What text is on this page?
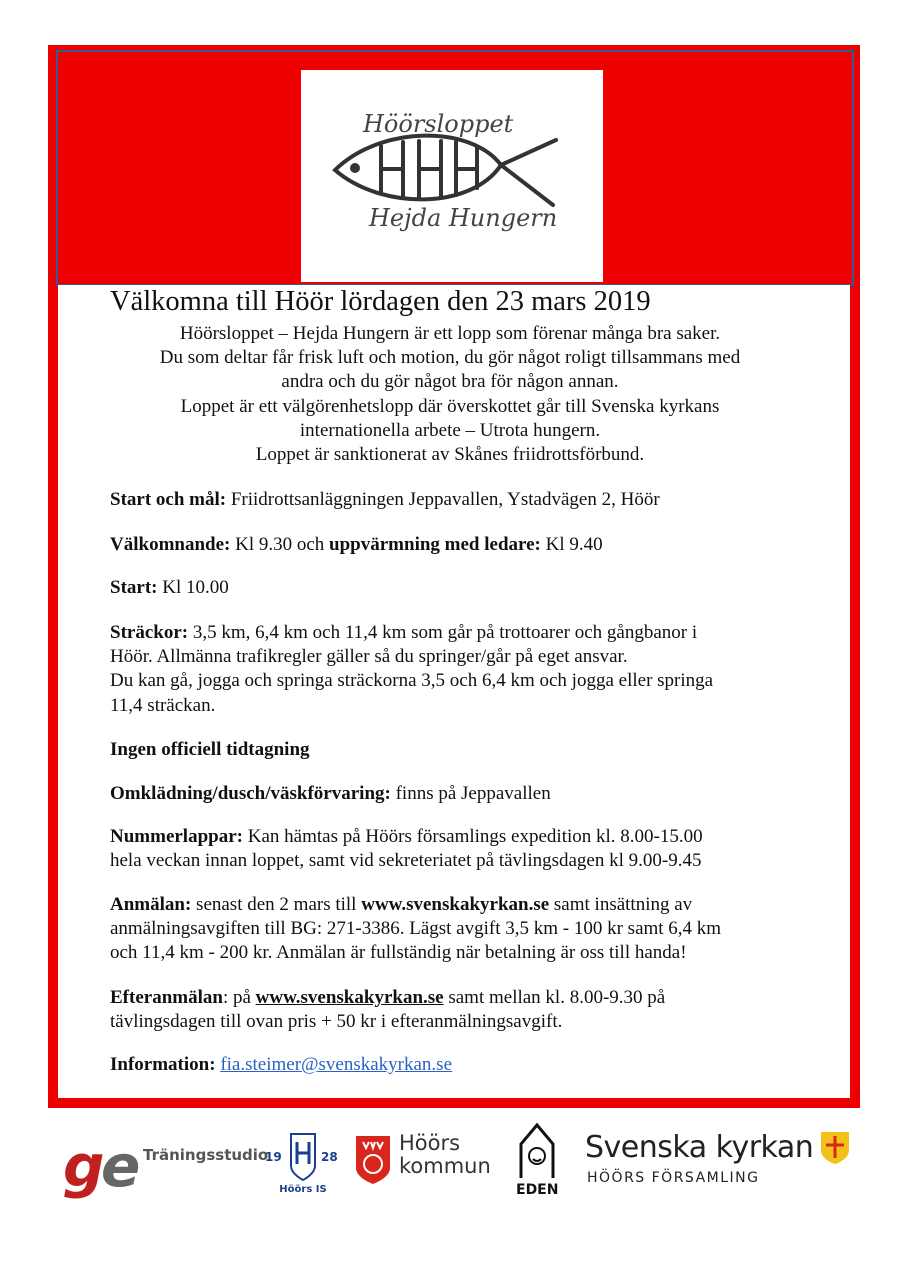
Höörsloppet
Hejda Hungern
Välkomna till Höör lördagen den 23 mars 2019
Höörsloppet – Hejda Hungern är ett lopp som förenar många bra saker.
Du som deltar får frisk luft och motion, du gör något roligt tillsammans med
andra och du gör något bra för någon annan.
Loppet är ett välgörenhetslopp där överskottet går till Svenska kyrkans
internationella arbete – Utrota hungern.
Loppet är sanktionerat av Skånes friidrottsförbund.

Start och mål: Friidrottsanläggningen Jeppavallen, Ystadvägen 2, Höör

Välkomnande: Kl 9.30 och uppvärmning med ledare: Kl 9.40

Start: Kl 10.00

Sträckor: 3,5 km, 6,4 km och 11,4 km som går på trottoarer och gångbanor i

Höör. Allmänna trafikregler gäller så du springer/går på eget ansvar.

Du kan gå, jogga och springa sträckorna 3,5 och 6,4 km och jogga eller springa

11,4 sträckan.

Ingen officiell tidtagning

Omklädning/dusch/väskförvaring: finns på Jeppavallen

Nummerlappar: Kan hämtas på Höörs församlings expedition kl. 8.00-15.00

hela veckan innan loppet, samt vid sekreteriatet på tävlingsdagen kl 9.00-9.45

Anmälan: senast den 2 mars till www.svenskakyrkan.se samt insättning av

anmälningsavgiften till BG: 271-3386. Lägst avgift 3,5 km - 100 kr samt 6,4 km

och 11,4 km - 200 kr. Anmälan är fullständig när betalning är oss till handa!

Efteranmälan: på www.svenskakyrkan.se samt mellan kl. 8.00-9.30 på

tävlingsdagen till ovan pris + 50 kr i efteranmälningsavgift.

Information: fia.steimer@svenskakyrkan.se

g e Träningsstudio
19	28
Höörs IS
Höörs
kommun
EDEN
Svenska kyrkan
HÖÖRS FÖRSAMLING
